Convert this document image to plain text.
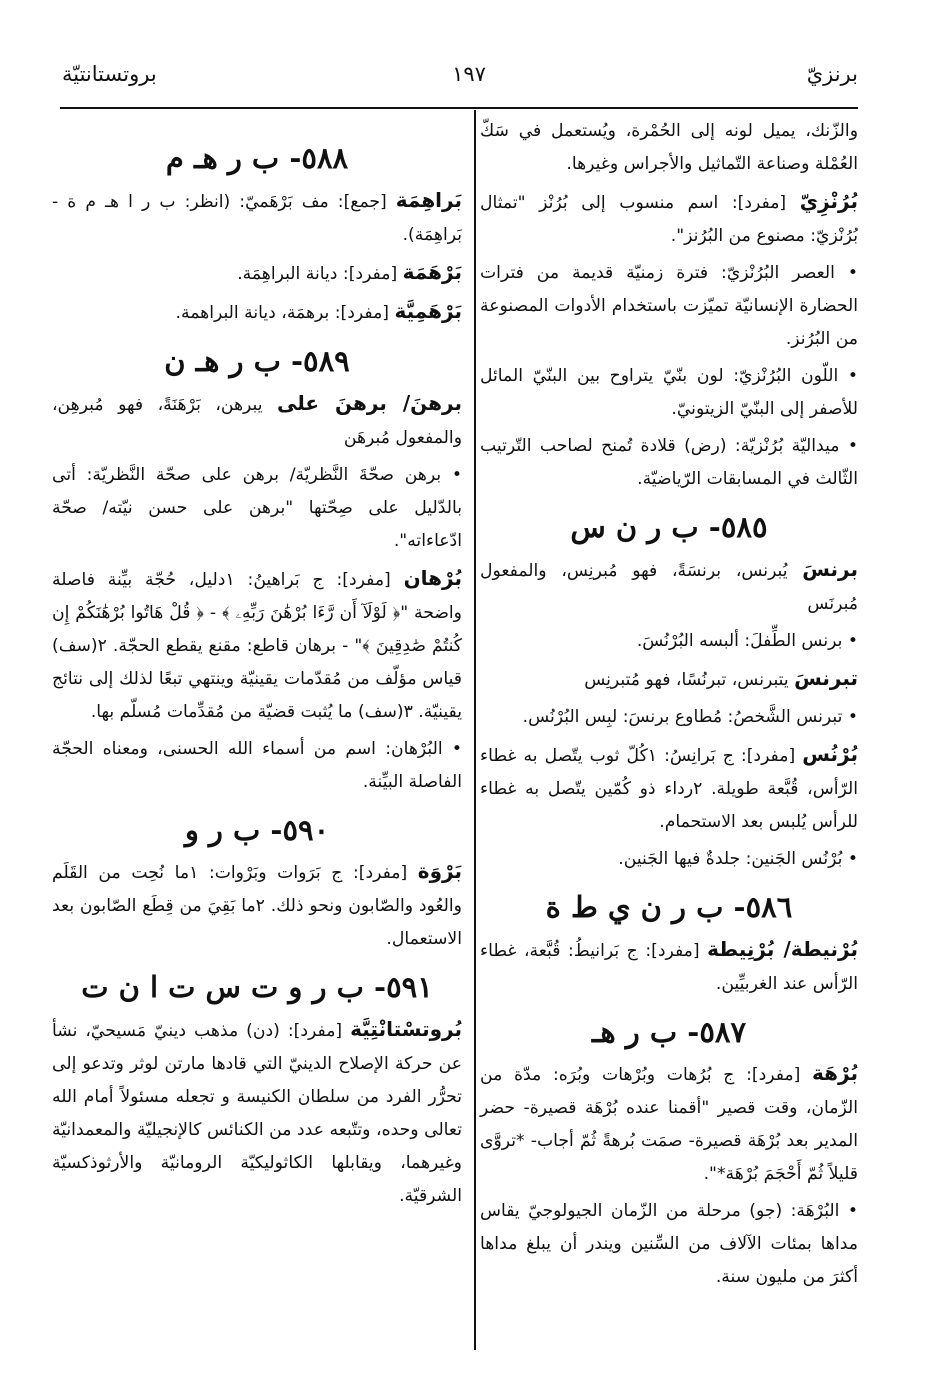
برنزيّ
١٩٧
بروتستانتيّة

والزّنك، يميل لونه إلى الحُمْرة، ويُستعمل في سَكّ العُمْلة وصناعة التّماثيل والأجراس وغيرها.

بُرُنْزِيّ [مفرد]: اسم منسوب إلى بُرُنْز "تمثال بُرُنْزيّ: مصنوع من البُرُنز".

• العصر البُرُنْزيّ: فترة زمنيّة قديمة من فترات الحضارة الإنسانيّة تميّزت باستخدام الأدوات المصنوعة من البُرُنز.

• اللّون البُرُنْزيّ: لون بنّيّ يتراوح بين البنّيّ المائل للأصفر إلى البنّيّ الزيتونيّ.

• ميداليّة بُرُنْزيّة: (رض) قلادة تُمنح لصاحب التّرتيب الثّالث في المسابقات الرّياضيّة.

٥٨٥- ب ر ن س

برنسَ يُبرنس، برنسَةً، فهو مُبرنِس، والمفعول مُبرنَس

• برنس الطِّفلَ: ألبسه البُرْنُسَ.

تبرنسَ يتبرنس، تبرنُسًا، فهو مُتبرنِس

• تبرنس الشَّخصُ: مُطاوع برنسَ: لبِس البُرْنُس.

بُرْنُس [مفرد]: ج بَرانِسُ: ١كُلّ ثوب يتّصل به غطاء الرّأس، قُبَّعة طويلة. ٢رداء ذو كُمّين يتّصل به غطاء للرأس يُلبس بعد الاستحمام.

• بُرْنُس الجَنين: جلدةٌ فيها الجَنين.

٥٨٦- ب ر ن ي ط ة

بُرْنيطة/ بُرْنِيطة [مفرد]: ج بَرانيطُ: قُبَّعة، غطاء الرّأس عند الغربيِّين.

٥٨٧- ب ر هـ

بُرْهَة [مفرد]: ج بُرُهات وبُرْهات وبُرَه: مدّة من الزّمان، وقت قصير "أقمنا عنده بُرْهَة قصيرة- حضر المدير بعد بُرْهَة قصيرة- صمَت بُرهةً ثُمّ أجاب- *تروَّى قليلاً ثُمّ أَحْجَمَ بُرْهَة*".

• البُرْهَة: (جو) مرحلة من الزّمان الجيولوجيّ يقاس مداها بمئات الآلاف من السِّنين ويندر أن يبلغ مداها أكثرَ من مليون سنة.

٥٨٨- ب ر هـ م

بَراهِمَة [جمع]: مف بَرْهَميّ: (انظر: ب ر ا هـ م ة - بَراهِمَة).

بَرْهَمَة [مفرد]: ديانة البراهِمَة.

بَرْهَمِيَّة [مفرد]: برهمَة، ديانة البراهمة.

٥٨٩- ب ر هـ ن

برهنَ/ برهنَ على يبرهن، بَرْهَنَةً، فهو مُبرهِن، والمفعول مُبرهَن

• برهن صحّةَ النَّظريّة/ برهن على صحّة النَّظريّة: أتى بالدّليل على صِحّتها "برهن على حسن نيّته/ صحّة ادّعاءاته".

بُرْهان [مفرد]: ج بَراهينُ: ١دليل، حُجّة بيِّنة فاصلة واضحة "﴿ لَوْلَآ أَن رَّءَا بُرْهَٰنَ رَبِّهِۦ ﴾ - ﴿ قُلْ هَاتُوا بُرْهَٰنَكُمْ إِن كُنتُمْ صَٰدِقِينَ ﴾" - برهان قاطع: مقنع يقطع الحجّة. ٢(سف) قياس مؤلّف من مُقدّمات يقينيّة وينتهي تبعًا لذلك إلى نتائج يقينيّة. ٣(سف) ما يُثبت قضيّة من مُقدِّمات مُسلّم بها.

• البُرْهان: اسم من أسماء الله الحسنى، ومعناه الحجّة الفاصلة البيِّنة.

٥٩٠- ب ر و

بَرْوَة [مفرد]: ج بَرَوات وبَرْوات: ١ما نُحِت من القَلَم والعُود والصّابون ونحو ذلك. ٢ما بَقِيَ من قِطَع الصّابون بعد الاستعمال.

٥٩١- ب ر و ت س ت ا ن ت

بُروتسْتانْتِيَّة [مفرد]: (دن) مذهب دينيّ مَسيحيّ، نشأ عن حركة الإصلاح الدينيّ التي قادها مارتن لوثر وتدعو إلى تحرُّر الفرد من سلطان الكنيسة و تجعله مسئولاً أمام الله تعالى وحده، وتتّبعه عدد من الكنائس كالإنجيليّة والمعمدانيّة وغيرهما، ويقابلها الكاثوليكيّة الرومانيّة والأرثوذكسيّة الشرقيّة.
